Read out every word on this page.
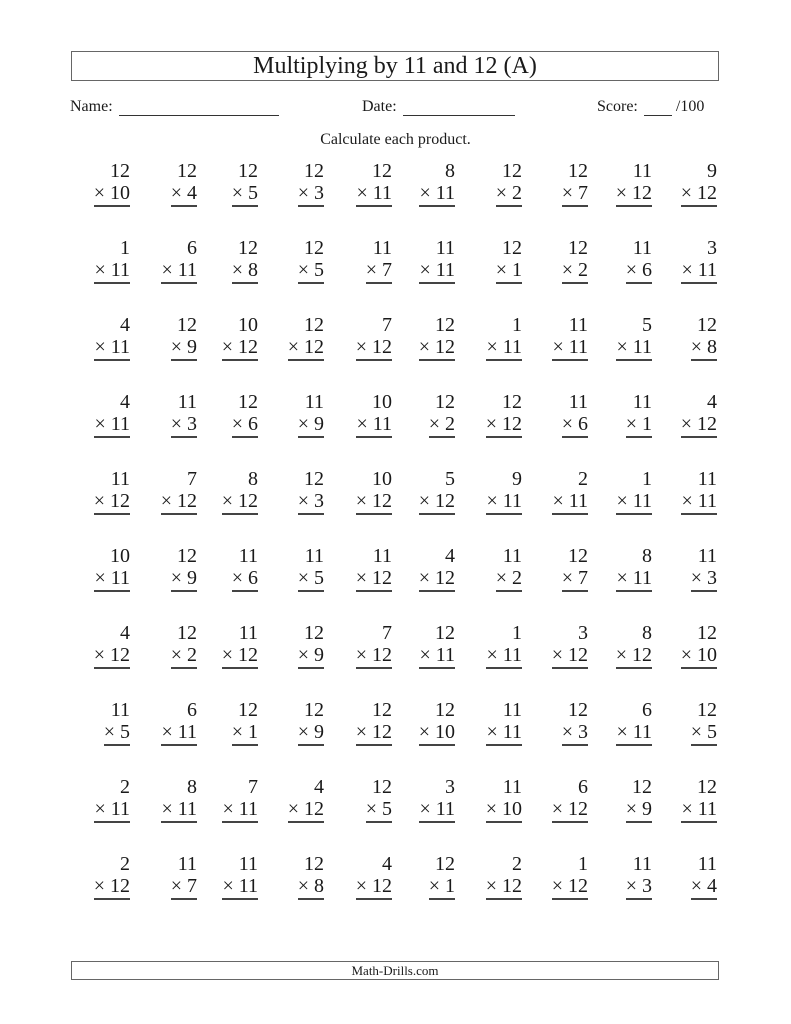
Multiplying by 11 and 12 (A)
Name:	Date:	Score: /100
Calculate each product.
12
× 10
12
× 4
12
× 5
12
× 3
12
× 11
8
× 11
12
× 2
12
× 7
11
× 12
9
× 12
1
× 11
6
× 11
12
× 8
12
× 5
11
× 7
11
× 11
12
× 1
12
× 2
11
× 6
3
× 11
4
× 11
12
× 9
10
× 12
12
× 12
7
× 12
12
× 12
1
× 11
11
× 11
5
× 11
12
× 8
4
× 11
11
× 3
12
× 6
11
× 9
10
× 11
12
× 2
12
× 12
11
× 6
11
× 1
4
× 12
11
× 12
7
× 12
8
× 12
12
× 3
10
× 12
5
× 12
9
× 11
2
× 11
1
× 11
11
× 11
10
× 11
12
× 9
11
× 6
11
× 5
11
× 12
4
× 12
11
× 2
12
× 7
8
× 11
11
× 3
4
× 12
12
× 2
11
× 12
12
× 9
7
× 12
12
× 11
1
× 11
3
× 12
8
× 12
12
× 10
11
× 5
6
× 11
12
× 1
12
× 9
12
× 12
12
× 10
11
× 11
12
× 3
6
× 11
12
× 5
2
× 11
8
× 11
7
× 11
4
× 12
12
× 5
3
× 11
11
× 10
6
× 12
12
× 9
12
× 11
2
× 12
11
× 7
11
× 11
12
× 8
4
× 12
12
× 1
2
× 12
1
× 12
11
× 3
11
× 4
Math-Drills.com
